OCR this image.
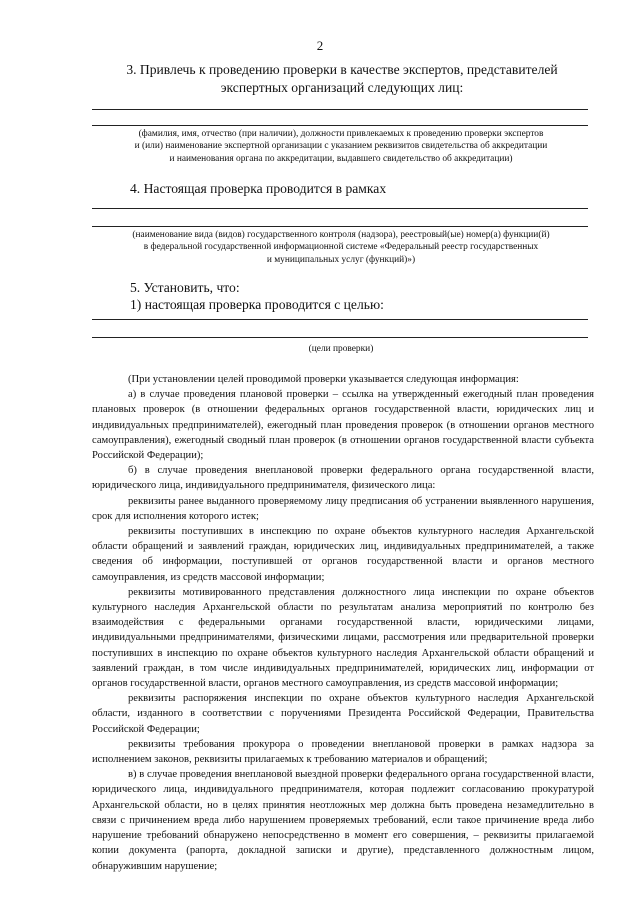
2
3. Привлечь к проведению проверки в качестве экспертов, представителей
экспертных организаций следующих лиц:
(фамилия, имя, отчество (при наличии), должности привлекаемых к проведению проверки экспертов
и (или) наименование экспертной организации с указанием реквизитов свидетельства об аккредитации
и наименования органа по аккредитации, выдавшего свидетельство об аккредитации)
4. Настоящая проверка проводится в рамках
(наименование вида (видов) государственного контроля (надзора), реестровый(ые) номер(а) функции(й)
в федеральной государственной информационной системе «Федеральный реестр государственных
и муниципальных услуг (функций)»)
5. Установить, что:
1) настоящая проверка проводится с целью:
(цели проверки)

(При установлении целей проводимой проверки указывается следующая информация:

а) в случае проведения плановой проверки – ссылка на утвержденный ежегодный план проведения плановых проверок (в отношении федеральных органов государственной власти, юридических лиц и индивидуальных предпринимателей), ежегодный план проведения проверок (в отношении органов местного самоуправления), ежегодный сводный план проверок (в отношении органов государственной власти субъекта Российской Федерации);

б) в случае проведения внеплановой проверки федерального органа государственной власти, юридического лица, индивидуального предпринимателя, физического лица:

реквизиты ранее выданного проверяемому лицу предписания об устранении выявленного нарушения, срок для исполнения которого истек;

реквизиты поступивших в инспекцию по охране объектов культурного наследия Архангельской области обращений и заявлений граждан, юридических лиц, индивидуальных предпринимателей, а также сведения об информации, поступившей от органов государственной власти и органов местного самоуправления, из средств массовой информации;

реквизиты мотивированного представления должностного лица инспекции по охране объектов культурного наследия Архангельской области по результатам анализа мероприятий по контролю без взаимодействия с федеральными органами государственной власти, юридическими лицами, индивидуальными предпринимателями, физическими лицами, рассмотрения или предварительной проверки поступивших в инспекцию по охране объектов культурного наследия Архангельской области обращений и заявлений граждан, в том числе индивидуальных предпринимателей, юридических лиц, информации от органов государственной власти, органов местного самоуправления, из средств массовой информации;

реквизиты распоряжения инспекции по охране объектов культурного наследия Архангельской области, изданного в соответствии с поручениями Президента Российской Федерации, Правительства Российской Федерации;

реквизиты требования прокурора о проведении внеплановой проверки в рамках надзора за исполнением законов, реквизиты прилагаемых к требованию материалов и обращений;

в) в случае проведения внеплановой выездной проверки федерального органа государственной власти, юридического лица, индивидуального предпринимателя, которая подлежит согласованию прокуратурой Архангельской области, но в целях принятия неотложных мер должна быть проведена незамедлительно в связи с причинением вреда либо нарушением проверяемых требований, если такое причинение вреда либо нарушение требований обнаружено непосредственно в момент его совершения, – реквизиты прилагаемой копии документа (рапорта, докладной записки и другие), представленного должностным лицом, обнаружившим нарушение;
